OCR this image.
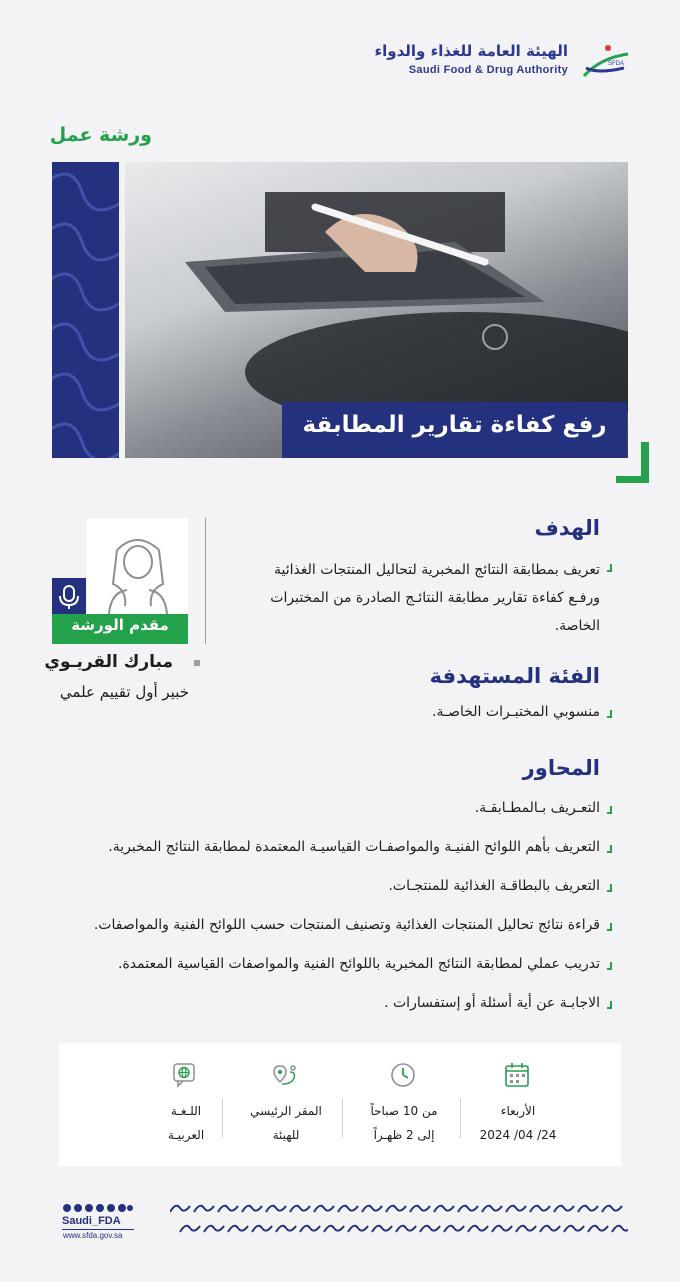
الهيئة العامة للغذاء والدواء
Saudi Food & Drug Authority	SFDA
ورشة عمل
رفع كفاءة تقارير المطابقة
مقدم الورشة
مبارك القريـوي
خبير أول تقييم علمي
الهدف
تعريف بمطابقة النتائج المخبرية لتحاليل المنتجات الغذائية ورفـع كفاءة تقارير مطابقة النتائـج الصادرة من المختبرات الخاصة.
الفئة المستهدفة
منسوبي المختبـرات الخاصـة.
المحاور
التعـريف بـالمطـابقـة.
التعريف بأهم اللوائح الفنيـة والمواصفـات القياسيـة المعتمدة لمطابقة النتائج المخبرية.
التعريف بالبطاقـة الغذائية للمنتجـات.
قراءة نتائج تحاليل المنتجات الغذائية وتصنيف المنتجات حسب اللوائح الفنية والمواصفات.
تدريب عملي لمطابقة النتائج المخبرية باللوائح الفنية والمواصفات القياسية المعتمدة.
الاجابـة عن أية أسئلة أو إستفسارات .
الأربعاء
24/ 04/ 2024
من 10 صباحاً
إلى 2 ظهـراً
المقر الرئيسي
للهيئة
اللـغـة
العربيـة
Saudi_FDA
www.sfda.gov.sa
